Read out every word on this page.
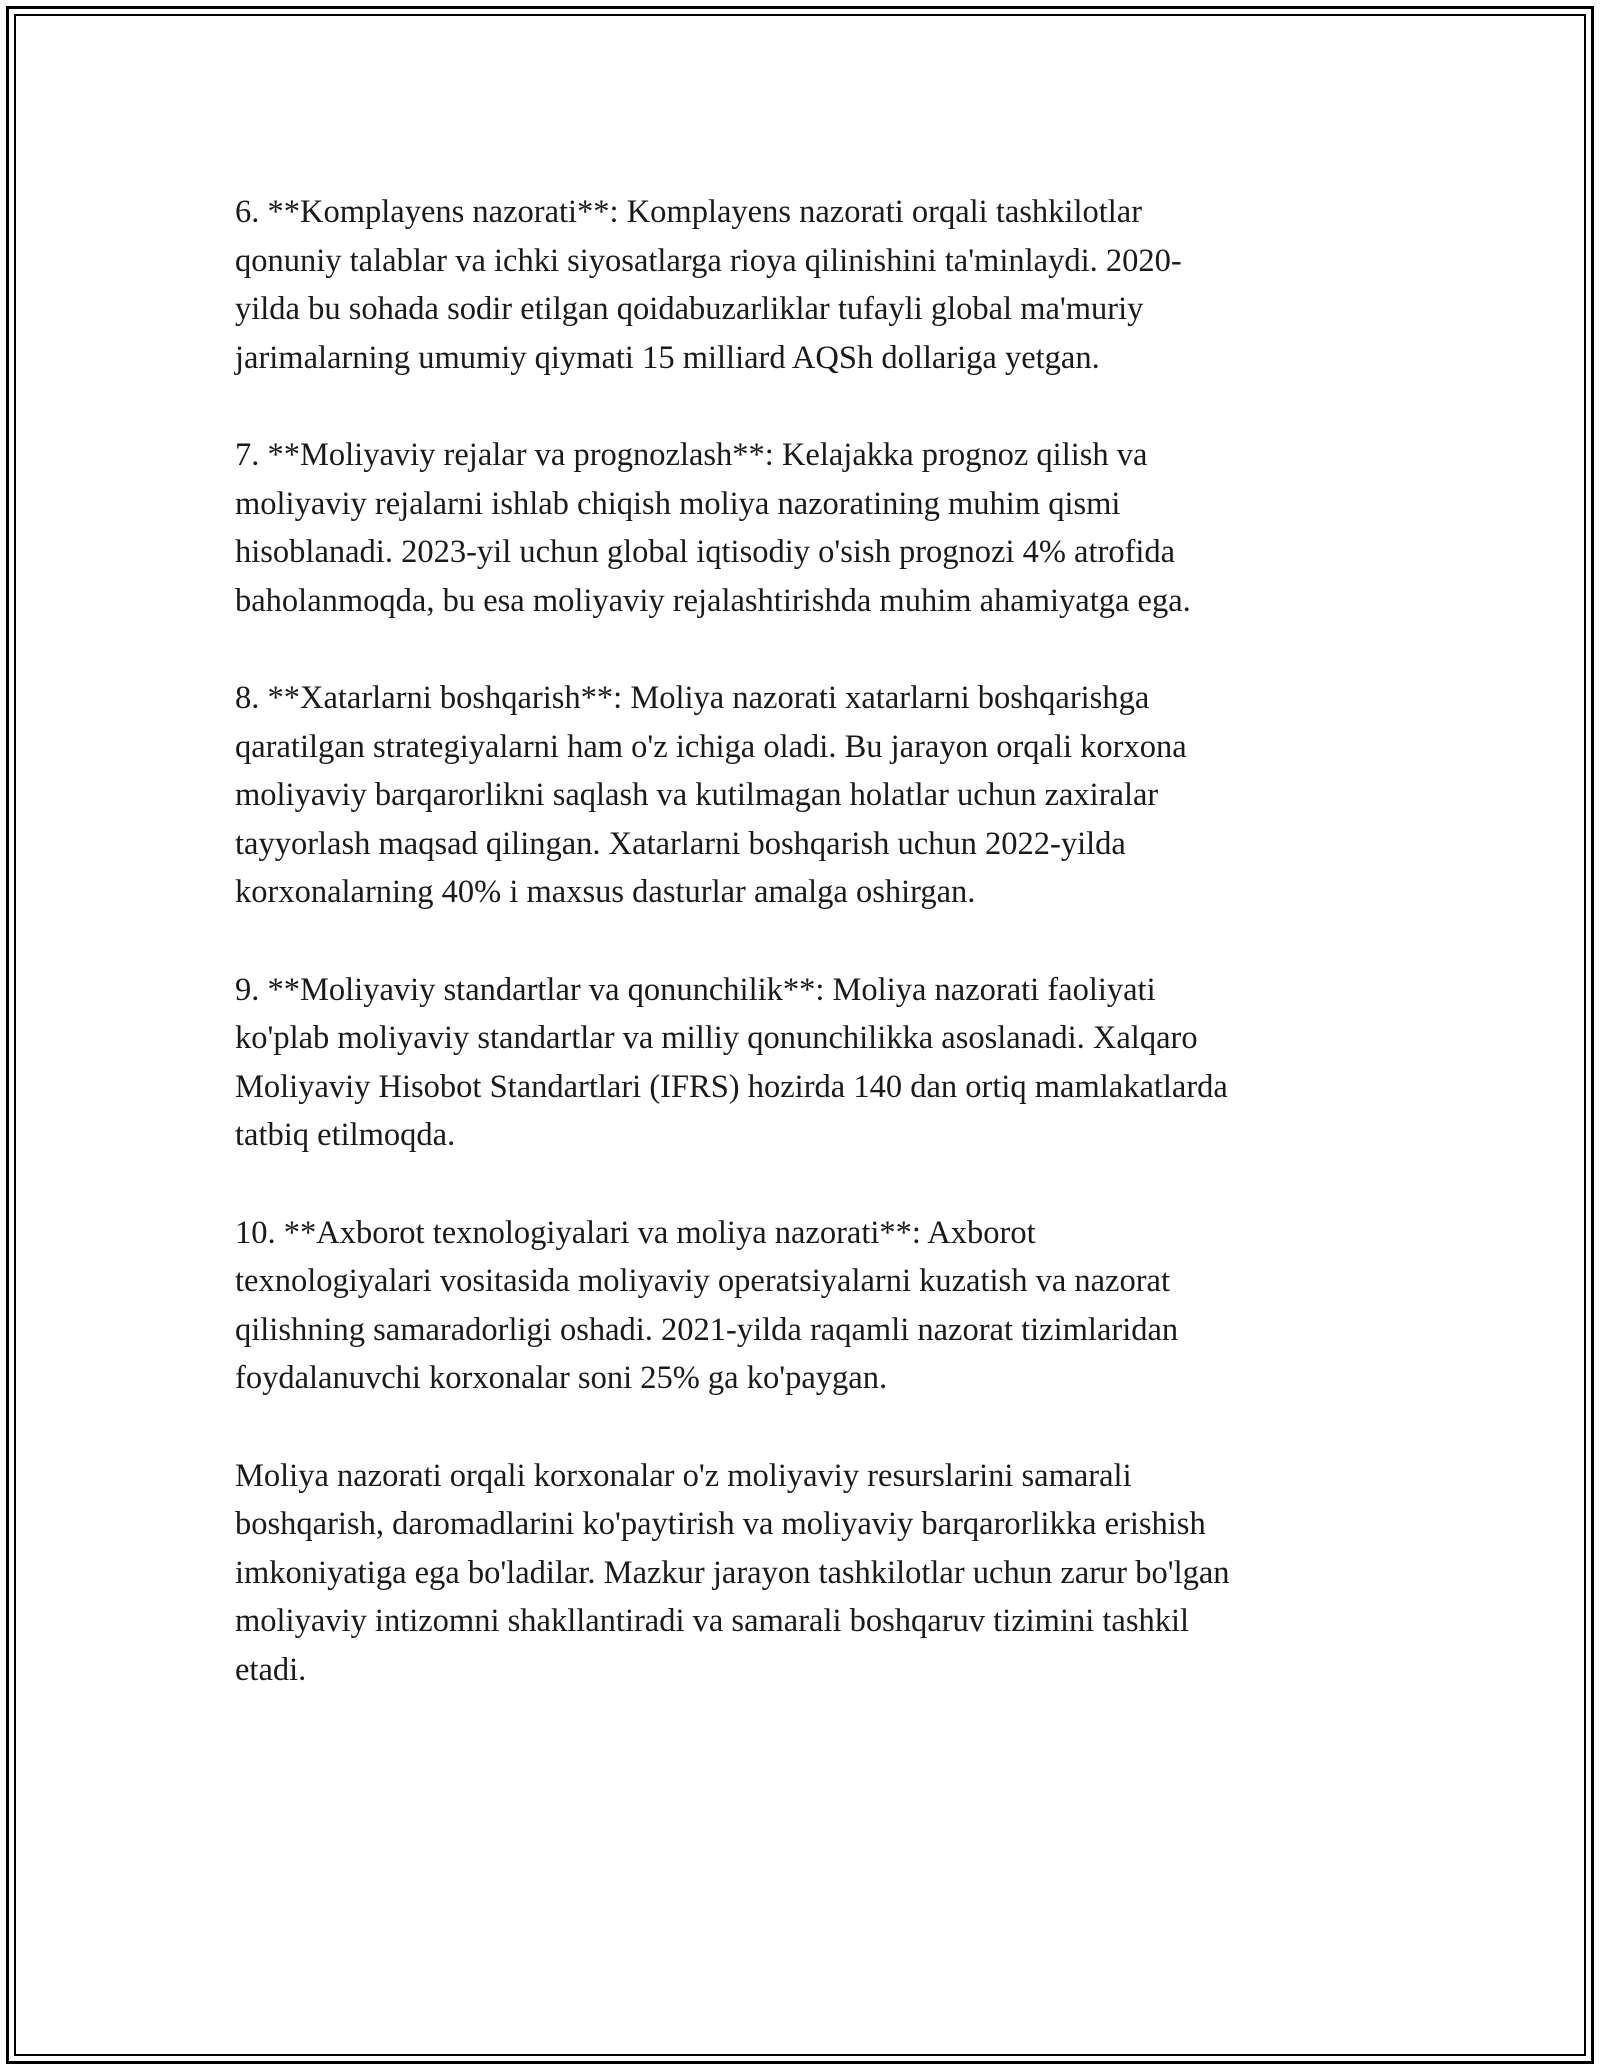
6. **Komplayens nazorati**: Komplayens nazorati orqali tashkilotlar
qonuniy talablar va ichki siyosatlarga rioya qilinishini ta'minlaydi. 2020-
yilda bu sohada sodir etilgan qoidabuzarliklar tufayli global ma'muriy
jarimalarning umumiy qiymati 15 milliard AQSh dollariga yetgan.

7. **Moliyaviy rejalar va prognozlash**: Kelajakka prognoz qilish va
moliyaviy rejalarni ishlab chiqish moliya nazoratining muhim qismi
hisoblanadi. 2023-yil uchun global iqtisodiy o'sish prognozi 4% atrofida
baholanmoqda, bu esa moliyaviy rejalashtirishda muhim ahamiyatga ega.

8. **Xatarlarni boshqarish**: Moliya nazorati xatarlarni boshqarishga
qaratilgan strategiyalarni ham o'z ichiga oladi. Bu jarayon orqali korxona
moliyaviy barqarorlikni saqlash va kutilmagan holatlar uchun zaxiralar
tayyorlash maqsad qilingan. Xatarlarni boshqarish uchun 2022-yilda
korxonalarning 40% i maxsus dasturlar amalga oshirgan.

9. **Moliyaviy standartlar va qonunchilik**: Moliya nazorati faoliyati
ko'plab moliyaviy standartlar va milliy qonunchilikka asoslanadi. Xalqaro
Moliyaviy Hisobot Standartlari (IFRS) hozirda 140 dan ortiq mamlakatlarda
tatbiq etilmoqda.

10. **Axborot texnologiyalari va moliya nazorati**: Axborot
texnologiyalari vositasida moliyaviy operatsiyalarni kuzatish va nazorat
qilishning samaradorligi oshadi. 2021-yilda raqamli nazorat tizimlaridan
foydalanuvchi korxonalar soni 25% ga ko'paygan.

Moliya nazorati orqali korxonalar o'z moliyaviy resurslarini samarali
boshqarish, daromadlarini ko'paytirish va moliyaviy barqarorlikka erishish
imkoniyatiga ega bo'ladilar. Mazkur jarayon tashkilotlar uchun zarur bo'lgan
moliyaviy intizomni shakllantiradi va samarali boshqaruv tizimini tashkil
etadi.
